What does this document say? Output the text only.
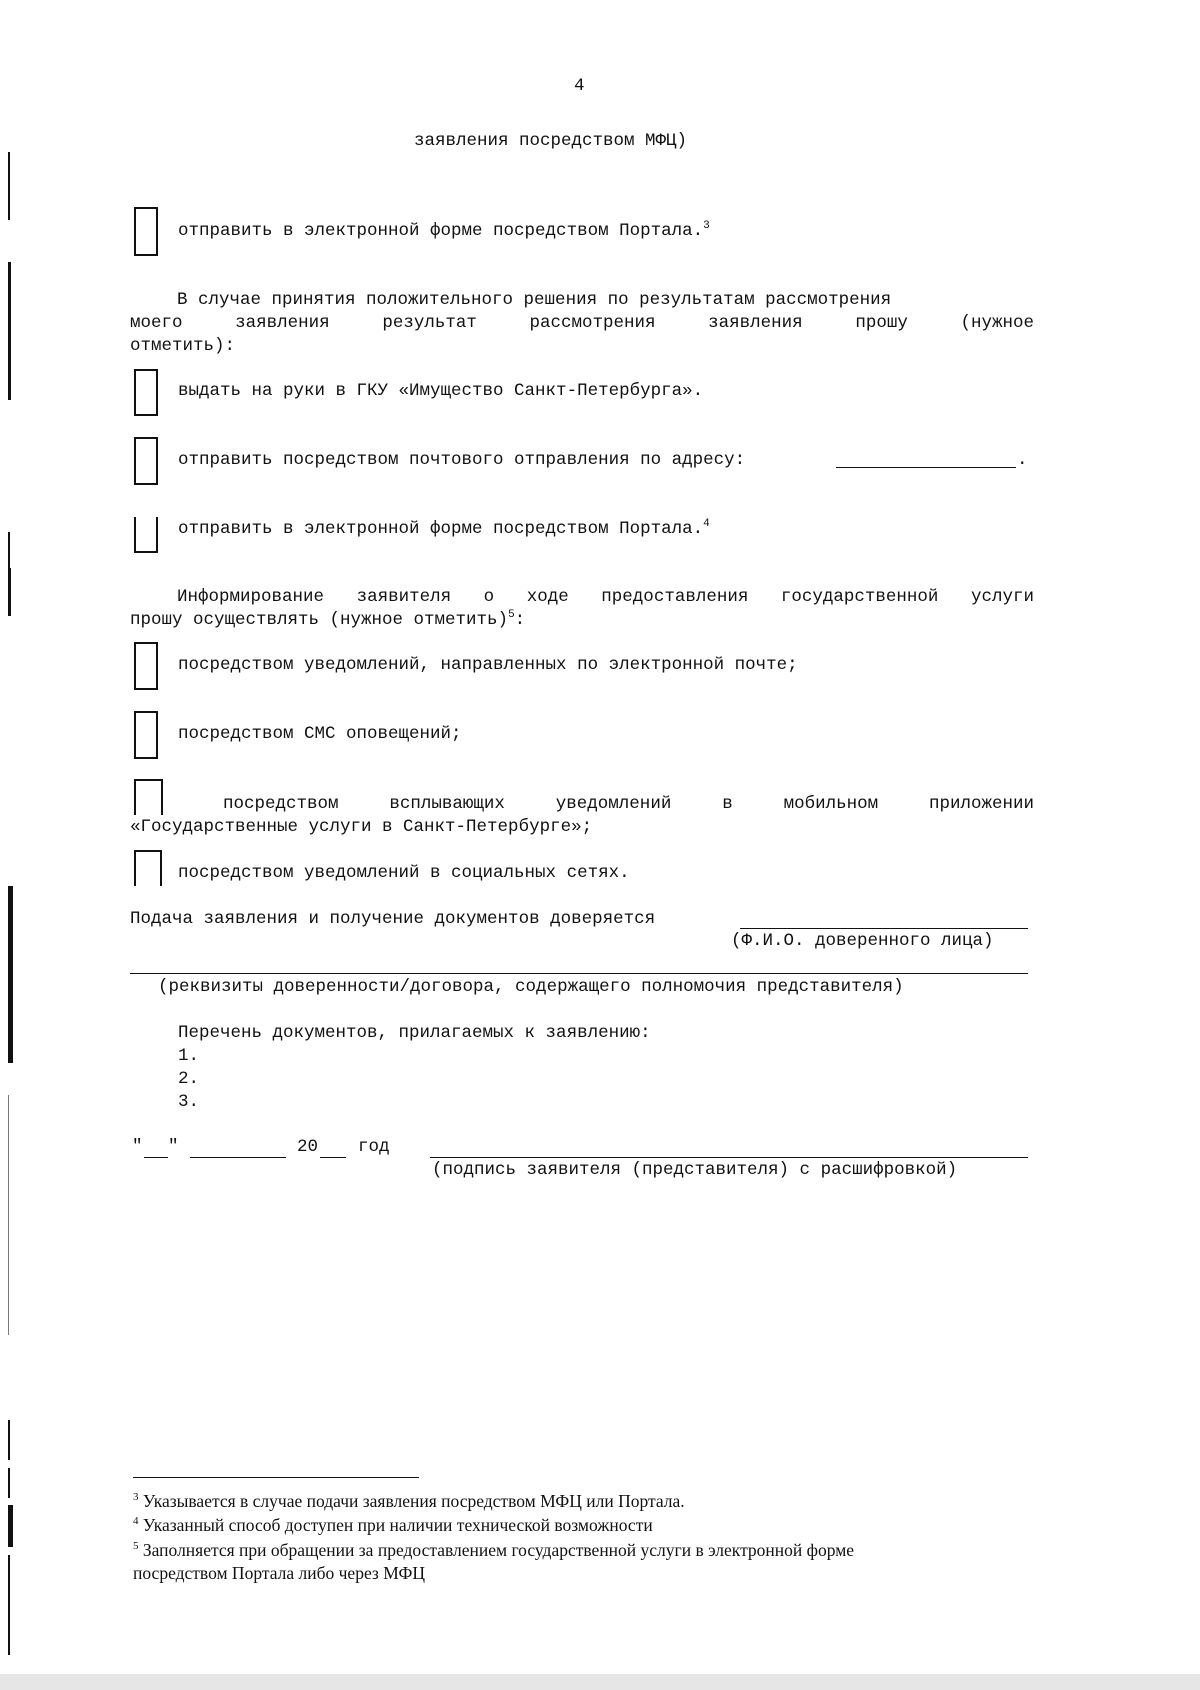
4
заявления посредством МФЦ)
отправить в электронной форме посредством Портала.$^3$
В случае принятия положительного решения по результатам рассмотрения
моего заявления результат рассмотрения заявления прошу (нужное
отметить):
выдать на руки в ГКУ «Имущество Санкт-Петербурга».
отправить посредством почтового отправления по адресу:	.
отправить в электронной форме посредством Портала.$^4$
Информирование заявителя о ходе предоставления государственной услуги
прошу осуществлять (нужное отметить)$^5$:
посредством уведомлений, направленных по электронной почте;
посредством СМС оповещений;
посредством всплывающих уведомлений в мобильном приложении
«Государственные услуги в Санкт-Петербурге»;
посредством уведомлений в социальных сетях.
Подача заявления и получение документов доверяется
(Ф.И.О. доверенного лица)
(реквизиты доверенности/договора, содержащего полномочия представителя)
Перечень документов, прилагаемых к заявлению:
1.
2.
3.
" "	20 год
(подпись заявителя (представителя) с расшифровкой)
$^3$ Указывается в случае подачи заявления посредством МФЦ или Портала.
$^4$ Указанный способ доступен при наличии технической возможности
$^5$ Заполняется при обращении за предоставлением государственной услуги в электронной форме
посредством Портала либо через МФЦ
